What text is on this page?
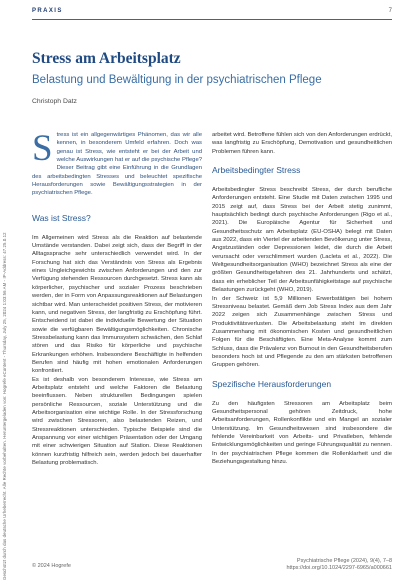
Geschützt durch das deutsche Urheberrecht. Alle Rechte vorbehalten. Heruntergeladen von: Hogrefe eContent - Thursday, July 25, 2024 1:03:56 AM - IP-Address: 47.25.0.12
PRAXIS	7
Stress am Arbeitsplatz
Belastung und Bewältigung in der psychiatrischen Pflege
Christoph Datz

Stress ist ein allgegenwärtiges Phänomen, das wir alle kennen, in besonderem Umfeld erfahren. Doch was genau ist Stress, wie entsteht er bei der Arbeit und welche Auswirkungen hat er auf die psychische Pflege? Dieser Beitrag gibt eine Einführung in die Grundlagen des arbeitsbedingten Stresses und beleuchtet spezifische Herausforderungen sowie Bewältigungsstrategien in der psychiatrischen Pflege.

Was ist Stress?

Im Allgemeinen wird Stress als die Reaktion auf belastende Umstände verstanden. Dabei zeigt sich, dass der Begriff in der Alltagssprache sehr unterschiedlich verwendet wird. In der Forschung hat sich das Verständnis von Stress als Ergebnis eines Ungleichgewichts zwischen Anforderungen und den zur Verfügung stehenden Ressourcen durchgesetzt. Stress kann als körperlicher, psychischer und sozialer Prozess beschrieben werden, der in Form von Anpassungsreaktionen auf Belastungen sichtbar wird. Man unterscheidet positiven Stress, der motivieren kann, und negativen Stress, der langfristig zu Erschöpfung führt. Entscheidend ist dabei die individuelle Bewertung der Situation sowie die verfügbaren Bewältigungsmöglichkeiten. Chronische Stressbelastung kann das Immunsystem schwächen, den Schlaf stören und das Risiko für körperliche und psychische Erkrankungen erhöhen. Insbesondere Beschäftigte in helfenden Berufen sind häufig mit hohen emotionalen Anforderungen konfrontiert.

Es ist deshalb von besonderem Interesse, wie Stress am Arbeitsplatz entsteht und welche Faktoren die Belastung beeinflussen. Neben strukturellen Bedingungen spielen persönliche Ressourcen, soziale Unterstützung und die Arbeitsorganisation eine wichtige Rolle. In der Stressforschung wird zwischen Stressoren, also belastenden Reizen, und Stressreaktionen unterschieden. Typische Beispiele sind die Anspannung vor einer wichtigen Präsentation oder der Umgang mit einer schwierigen Situation auf Station. Diese Reaktionen können kurzfristig hilfreich sein, werden jedoch bei dauerhafter Belastung problematisch.

arbeitet wird. Betroffene fühlen sich von den Anforderungen erdrückt, was langfristig zu Erschöpfung, Demotivation und gesundheitlichen Problemen führen kann.

Arbeitsbedingter Stress

Arbeitsbedingter Stress beschreibt Stress, der durch berufliche Anforderungen entsteht. Eine Studie mit Daten zwischen 1995 und 2015 zeigt auf, dass Stress bei der Arbeit stetig zunimmt, hauptsächlich bedingt durch psychische Anforderungen (Rigo et al., 2021). Die Europäische Agentur für Sicherheit und Gesundheitsschutz am Arbeitsplatz (EU-OSHA) belegt mit Daten aus 2022, dass ein Viertel der arbeitenden Bevölkerung unter Stress, Angstzuständen oder Depressionen leidet, die durch die Arbeit verursacht oder verschlimmert wurden (Lacleta et al., 2022). Die Weltgesundheitsorganisation (WHO) bezeichnet Stress als eine der größten Gesundheitsgefahren des 21. Jahrhunderts und schätzt, dass ein erheblicher Teil der Arbeitsunfähigkeitstage auf psychische Belastungen zurückgeht (WHO, 2019).

In der Schweiz ist 5,9 Millionen Erwerbstätigen bei hohem Stressniveau belastet. Gemäß dem Job Stress Index aus dem Jahr 2022 zeigen sich Zusammenhänge zwischen Stress und Produktivitätsverlusten. Die Arbeitsbelastung steht im direkten Zusammenhang mit ökonomischen Kosten und gesundheitlichen Folgen für die Beschäftigten. Eine Meta-Analyse kommt zum Schluss, dass die Prävalenz von Burnout in den Gesundheitsberufen besonders hoch ist und Pflegende zu den am stärksten betroffenen Gruppen gehören.

Spezifische Herausforderungen

Zu den häufigsten Stressoren am Arbeitsplatz beim Gesundheitspersonal gehören Zeitdruck, hohe Arbeitsanforderungen, Rollenkonflikte und ein Mangel an sozialer Unterstützung. Im Gesundheitswesen sind insbesondere die fehlende Vereinbarkeit von Arbeits- und Privatleben, fehlende Entwicklungsmöglichkeiten und geringe Führungsqualität zu nennen. In der psychiatrischen Pflege kommen die Rollenklarheit und die Beziehungsgestaltung hinzu.

© 2024 Hogrefe
Psychiatrische Pflege (2024), 9(4), 7–8
https://doi.org/10.1024/2297-6965/a000661
